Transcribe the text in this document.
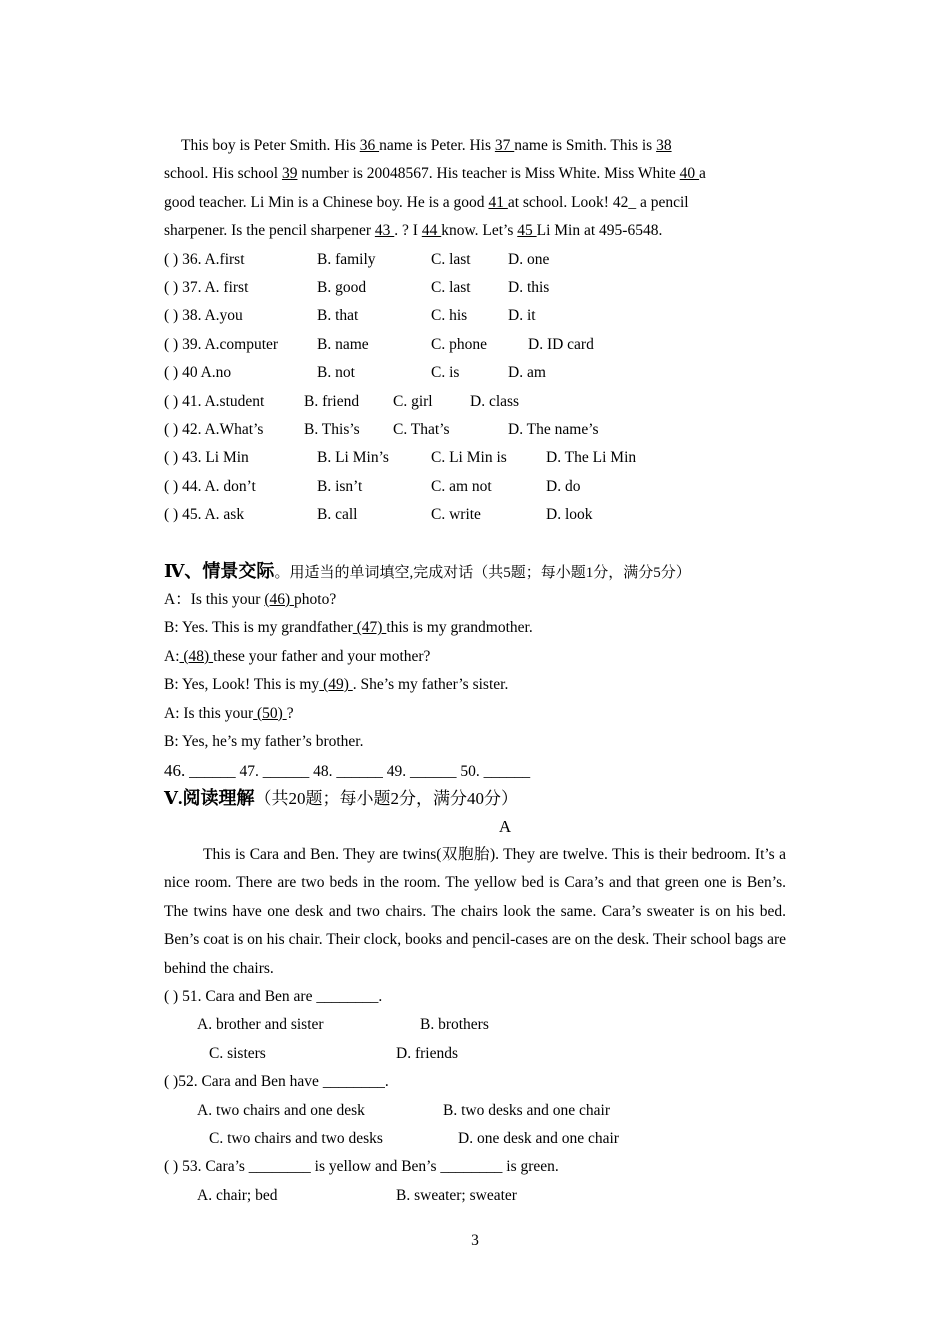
This boy is Peter Smith. His 36 name is Peter. His 37 name is Smith. This is 38
school. His school 39 number is 20048567. His teacher is Miss White. Miss White 40 a
good teacher. Li Min is a Chinese boy. He is a good 41 at school. Look! 42_ a pencil
sharpener. Is the pencil sharpener 43 . ? I 44 know. Let’s 45 Li Min at 495-6548.
( ) 36. A.first	B. family	C. last D. one
( ) 37. A. first	B. good	C. last D. this
( ) 38. A.you	B. that	C. his	D. it
( ) 39. A.computer	B. name	C. phone	D. ID card
( ) 40 A.no	B. not	C. is	D. am
( ) 41. A.student	B. friend C. girl D. class
( ) 42. A.What’s	B. This’s C. That’s	D. The name’s
( ) 43. Li Min	B. Li Min’s	C. Li Min is	D. The Li Min
( ) 44. A. don’t	B. isn’t	C. am not	D. do
( ) 45. A. ask	B. call	C. write	D. look
Ⅳ、情景交际。用适当的单词填空,完成对话（共5题；每小题1分，满分5分）
A：Is this your (46) photo?
B: Yes. This is my grandfather (47) this is my grandmother.
A: (48) these your father and your mother?
B: Yes, Look! This is my (49) . She’s my father’s sister.
A: Is this your (50) ?
B: Yes, he’s my father’s brother.
46. ______ 47. ______ 48. ______ 49. ______ 50. ______
Ⅴ.阅读理解（共20题；每小题2分，满分40分）
A
This is Cara and Ben. They are twins(双胞胎). They are twelve. This is their bedroom. It’s a nice room. There are two beds in the room. The yellow bed is Cara’s and that green one is Ben’s. The twins have one desk and two chairs. The chairs look the same. Cara’s sweater is on his bed. Ben’s coat is on his chair. Their clock, books and pencil-cases are on the desk. Their school bags are behind the chairs.
( ) 51. Cara and Ben are ________.
A. brother and sister	B. brothers
C. sisters	D. friends
( )52. Cara and Ben have ________.
A. two chairs and one desk	B. two desks and one chair
C. two chairs and two desks	D. one desk and one chair
( ) 53. Cara’s ________ is yellow and Ben’s ________ is green.
A. chair; bed	B. sweater; sweater
3
